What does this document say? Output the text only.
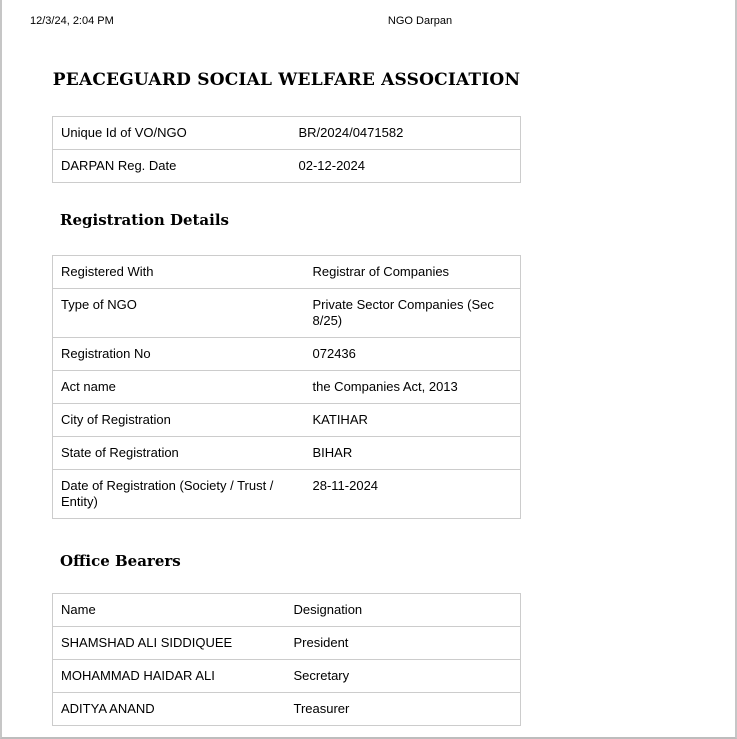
12/3/24, 2:04 PM	NGO Darpan
PEACEGUARD SOCIAL WELFARE ASSOCIATION
Unique Id of VO/NGO	BR/2024/0471582
DARPAN Reg. Date	02-12-2024
Registration Details
Registered With	Registrar of Companies
Type of NGO	Private Sector Companies (Sec 8/25)
Registration No	072436
Act name	the Companies Act, 2013
City of Registration	KATIHAR
State of Registration	BIHAR
Date of Registration (Society / Trust / Entity)	28-11-2024
Office Bearers
Name	Designation
SHAMSHAD ALI SIDDIQUEE	President
MOHAMMAD HAIDAR ALI	Secretary
ADITYA ANAND	Treasurer
